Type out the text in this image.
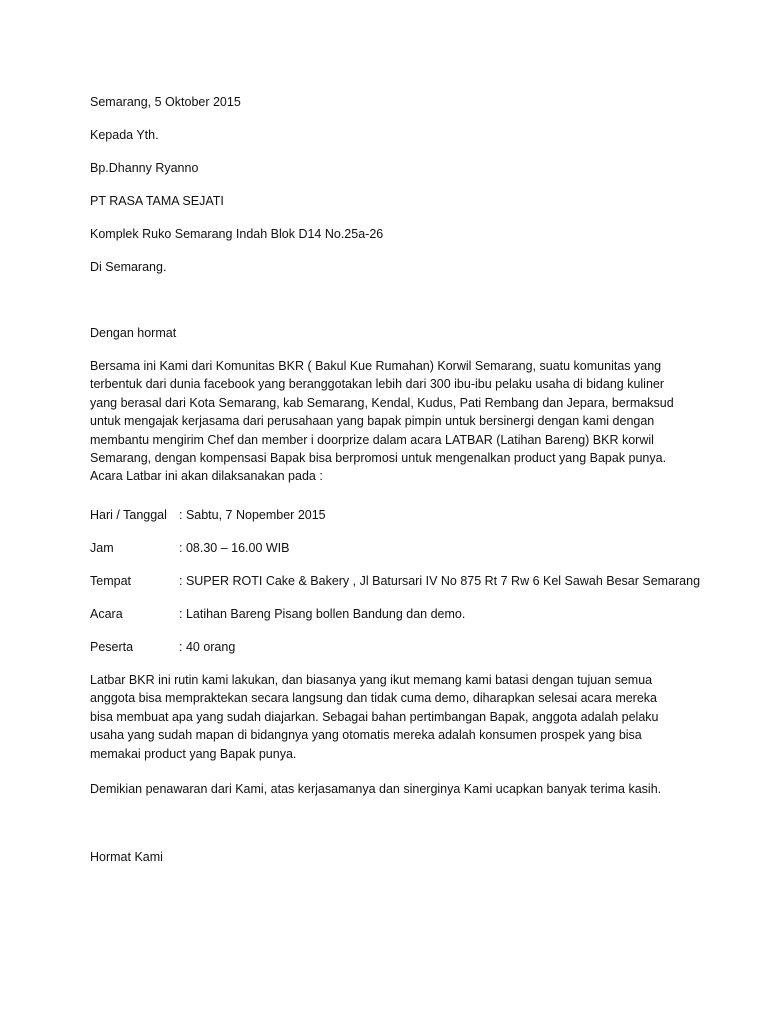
Semarang, 5 Oktober 2015
Kepada Yth.
Bp.Dhanny Ryanno
PT RASA TAMA SEJATI
Komplek Ruko Semarang Indah Blok D14 No.25a-26
Di Semarang.
Dengan hormat
Bersama ini Kami dari Komunitas BKR ( Bakul Kue Rumahan) Korwil Semarang, suatu komunitas yang
terbentuk dari dunia facebook yang beranggotakan lebih dari 300 ibu-ibu pelaku usaha di bidang kuliner
yang berasal dari Kota Semarang, kab Semarang, Kendal, Kudus, Pati Rembang dan Jepara, bermaksud
untuk mengajak kerjasama dari perusahaan yang bapak pimpin untuk bersinergi dengan kami dengan
membantu mengirim Chef dan member i doorprize dalam acara LATBAR (Latihan Bareng) BKR korwil
Semarang, dengan kompensasi Bapak bisa berpromosi untuk mengenalkan product yang Bapak punya.
Acara Latbar ini akan dilaksanakan pada :
Hari / Tanggal : Sabtu, 7 Nopember 2015
Jam	: 08.30 – 16.00 WIB
Tempat	: SUPER ROTI Cake & Bakery , Jl Batursari IV No 875 Rt 7 Rw 6 Kel Sawah Besar Semarang
Acara	: Latihan Bareng Pisang bollen Bandung dan demo.
Peserta	: 40 orang
Latbar BKR ini rutin kami lakukan, dan biasanya yang ikut memang kami batasi dengan tujuan semua
anggota bisa mempraktekan secara langsung dan tidak cuma demo, diharapkan selesai acara mereka
bisa membuat apa yang sudah diajarkan. Sebagai bahan pertimbangan Bapak, anggota adalah pelaku
usaha yang sudah mapan di bidangnya yang otomatis mereka adalah konsumen prospek yang bisa
memakai product yang Bapak punya.
Demikian penawaran dari Kami, atas kerjasamanya dan sinerginya Kami ucapkan banyak terima kasih.
Hormat Kami
